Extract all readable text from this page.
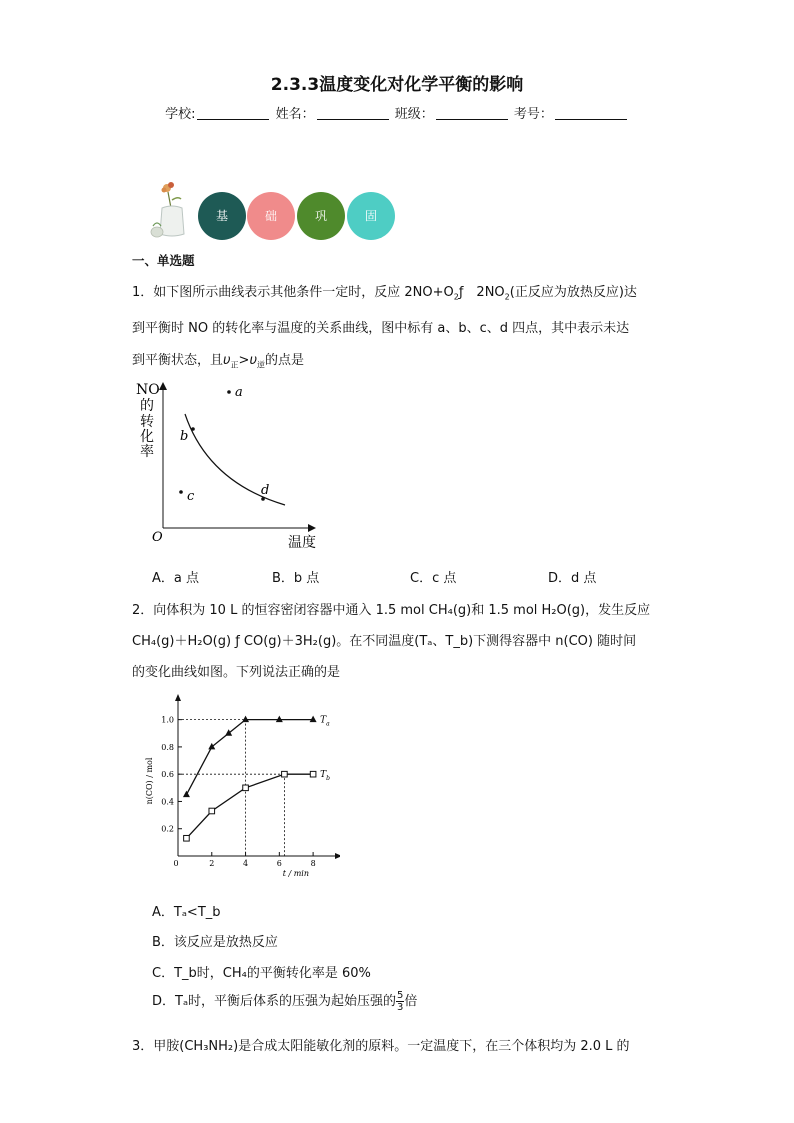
2.3.3温度变化对化学平衡的影响
学校:	姓名：	班级：	考号：
基	础	巩	固
一、单选题
1．如下图所示曲线表示其他条件一定时，反应 $2NO+O_2ƒ$　$2NO_2$(正反应为放热反应)达
到平衡时 NO 的转化率与温度的关系曲线，图中标有 a、b、c、d 四点，其中表示未达
到平衡状态，且$\upsilon_正>\upsilon_逆$的点是
NO
的
转
化
率
O	温度
a
b
c	d
A．a 点	B．b 点	C．c 点	D．d 点
2．向体积为 10 L 的恒容密闭容器中通入 1.5 mol CH₄(g)和 1.5 mol H₂O(g)，发生反应
CH₄(g)＋H₂O(g) ƒ CO(g)＋3H₂(g)。在不同温度(Tₐ、T_b)下测得容器中 n(CO) 随时间
的变化曲线如图。下列说法正确的是
0.2
0.4
0.6
0.8
1.0
2	4	6	8
0
t / min
n(CO) / mol
$T_a$
$T_b$
A．Tₐ<T_b
B．该反应是放热反应
C．T_b时，CH₄的平衡转化率是 60%
D．Tₐ时，平衡后体系的压强为起始压强的 $\frac{5}{3}$ 倍
3．甲胺(CH₃NH₂)是合成太阳能敏化剂的原料。一定温度下，在三个体积均为 2.0 L 的
